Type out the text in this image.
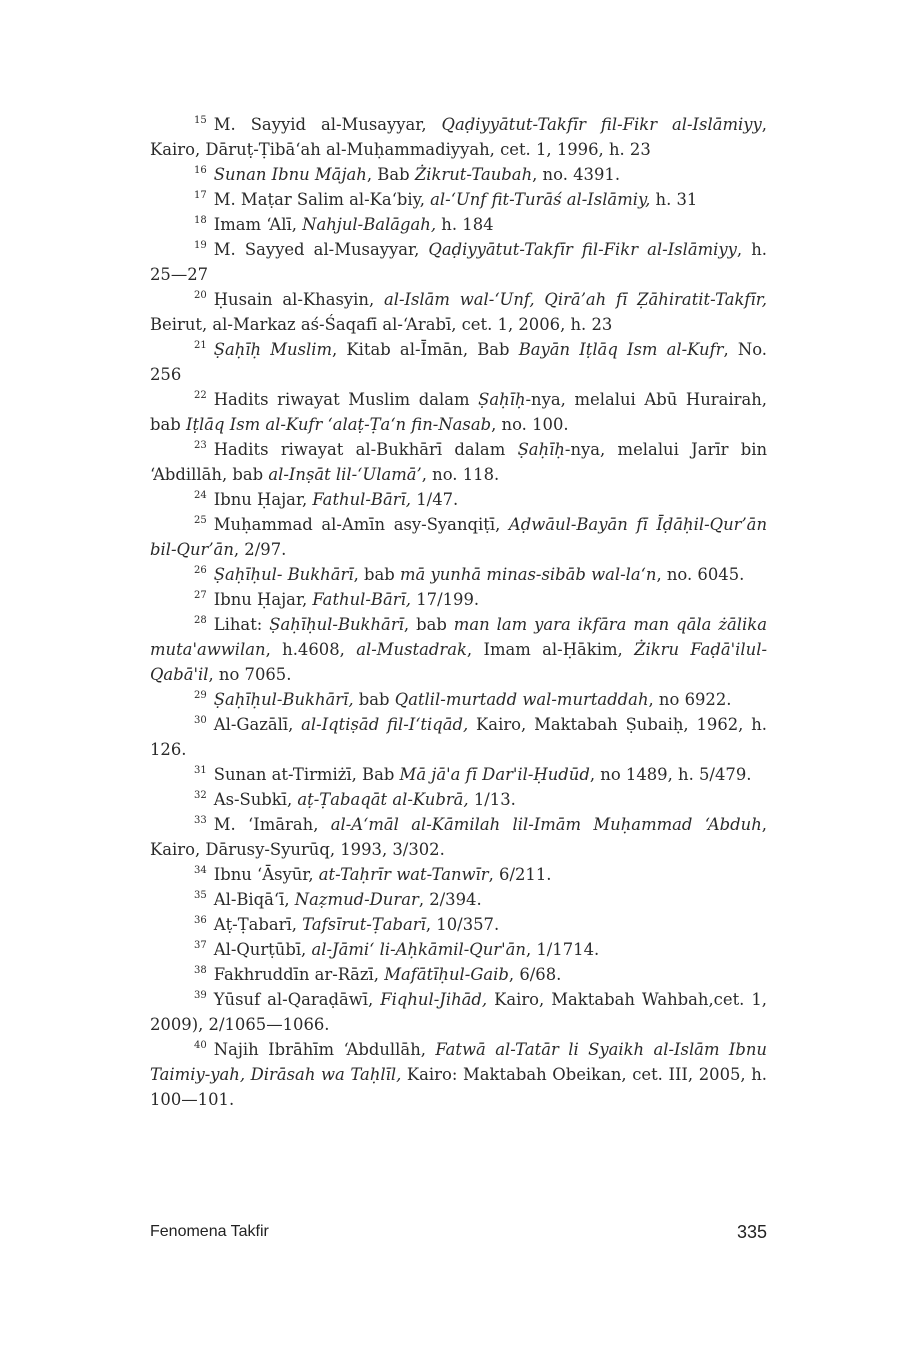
$^{15}$ M. Sayyid al-Musayyar, Qaḍiyyātut-Takfīr fil-Fikr al-Islāmiyy, Kairo, Dāruṭ-Ṭibā‘ah al-Muḥammadiyyah, cet. 1, 1996, h. 23

$^{16}$ Sunan Ibnu Mājah, Bab Żikrut-Taubah, no. 4391.

$^{17}$ M. Maṭar Salim al-Ka‘biy, al-‘Unf fit-Turāś al-Islāmiy, h. 31

$^{18}$ Imam ‘Alī, Nahjul-Balāgah, h. 184

$^{19}$ M. Sayyed al-Musayyar, Qaḍiyyātut-Takfīr fil-Fikr al-Islāmiyy, h. 25—27

$^{20}$ Ḥusain al-Khasyin, al-Islām wal-‘Unf, Qirā’ah fī Ẓāhiratit-Takfīr, Beirut, al-Markaz aś-Śaqafī al-‘Arabī, cet. 1, 2006, h. 23

$^{21}$ Ṣaḥīḥ Muslim, Kitab al-Īmān, Bab Bayān Iṭlāq Ism al-Kufr, No. 256

$^{22}$ Hadits riwayat Muslim dalam Ṣaḥīḥ-nya, melalui Abū Hurairah, bab Iṭlāq Ism al-Kufr ‘alaṭ-Ṭa‘n fin-Nasab, no. 100.

$^{23}$ Hadits riwayat al-Bukhārī dalam Ṣaḥīḥ-nya, melalui Jarīr bin ‘Abdillāh, bab al-Inṣāt lil-‘Ulamā’, no. 118.

$^{24}$ Ibnu Ḥajar, Fathul-Bārī, 1/47.

$^{25}$ Muḥammad al-Amīn asy-Syanqiṭī, Aḍwāul-Bayān fī Īḍāḥil-Qur’ān bil-Qur’ān, 2/97.

$^{26}$ Ṣaḥīḥul- Bukhārī, bab mā yunhā minas-sibāb wal-la‘n, no. 6045.

$^{27}$ Ibnu Ḥajar, Fathul-Bārī, 17/199.

$^{28}$ Lihat: Ṣaḥīḥul-Bukhārī, bab man lam yara ikfāra man qāla żālika muta'awwilan, h.4608, al-Mustadrak, Imam al-Ḥākim, Żikru Faḍā'ilul-Qabā'il, no 7065.

$^{29}$ Ṣaḥīḥul-Bukhārī, bab Qatlil-murtadd wal-murtaddah, no 6922.

$^{30}$ Al-Gazālī, al-Iqtiṣād fil-I‘tiqād, Kairo, Maktabah Ṣubaiḥ, 1962, h. 126.

$^{31}$ Sunan at-Tirmiżī, Bab Mā jā'a fī Dar'il-Ḥudūd, no 1489, h. 5/479.

$^{32}$ As-Subkī, aṭ-Ṭabaqāt al-Kubrā, 1/13.

$^{33}$ M. ‘Imārah, al-A‘māl al-Kāmilah lil-Imām Muḥammad ‘Abduh, Kairo, Dārusy-Syurūq, 1993, 3/302.

$^{34}$ Ibnu ‘Āsyūr, at-Taḥrīr wat-Tanwīr, 6/211.

$^{35}$ Al-Biqā‘ī, Naẓmud-Durar, 2/394.

$^{36}$ Aṭ-Ṭabarī, Tafsīrut-Ṭabarī, 10/357.

$^{37}$ Al-Qurṭūbī, al-Jāmi‘ li-Aḥkāmil-Qur'ān, 1/1714.

$^{38}$ Fakhruddīn ar-Rāzī, Mafātīḥul-Gaib, 6/68.

$^{39}$ Yūsuf al-Qaraḍāwī, Fiqhul-Jihād, Kairo, Maktabah Wahbah,cet. 1, 2009), 2/1065—1066.

$^{40}$ Najih Ibrāhīm ‘Abdullāh, Fatwā al-Tatār li Syaikh al-Islām Ibnu Taimiy-yah, Dirāsah wa Taḥlīl, Kairo: Maktabah Obeikan, cet. III, 2005, h. 100—101.

Fenomena Takfir	335
